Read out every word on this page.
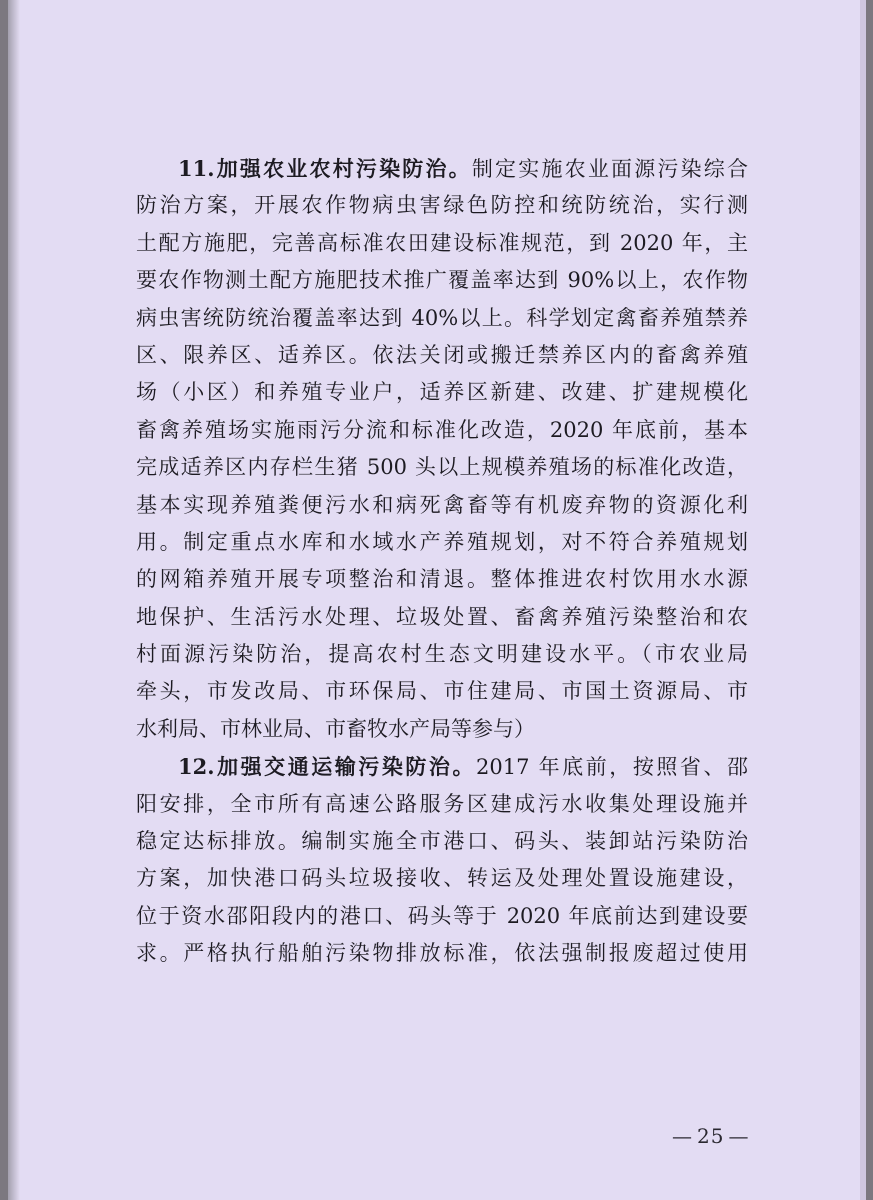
11.加强农业农村污染防治。制定实施农业面源污染综合
防治方案，开展农作物病虫害绿色防控和统防统治，实行测
土配方施肥，完善高标准农田建设标准规范，到 2020 年，主
要农作物测土配方施肥技术推广覆盖率达到 90%以上，农作物
病虫害统防统治覆盖率达到 40%以上。科学划定禽畜养殖禁养
区、限养区、适养区。依法关闭或搬迁禁养区内的畜禽养殖
场（小区）和养殖专业户，适养区新建、改建、扩建规模化
畜禽养殖场实施雨污分流和标准化改造，2020 年底前，基本
完成适养区内存栏生猪 500 头以上规模养殖场的标准化改造，
基本实现养殖粪便污水和病死禽畜等有机废弃物的资源化利
用。制定重点水库和水域水产养殖规划，对不符合养殖规划
的网箱养殖开展专项整治和清退。整体推进农村饮用水水源
地保护、生活污水处理、垃圾处置、畜禽养殖污染整治和农
村面源污染防治，提高农村生态文明建设水平。（市农业局
牵头，市发改局、市环保局、市住建局、市国土资源局、市
水利局、市林业局、市畜牧水产局等参与）
12.加强交通运输污染防治。2017 年底前，按照省、邵
阳安排，全市所有高速公路服务区建成污水收集处理设施并
稳定达标排放。编制实施全市港口、码头、装卸站污染防治
方案，加快港口码头垃圾接收、转运及处理处置设施建设，
位于资水邵阳段内的港口、码头等于 2020 年底前达到建设要
求。严格执行船舶污染物排放标准，依法强制报废超过使用
— 25 —
